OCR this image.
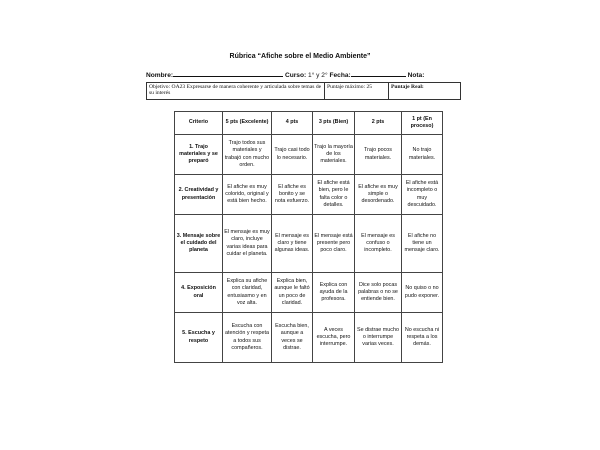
Rúbrica “Afiche sobre el Medio Ambiente”
Nombre:	Curso: 1° y 2° Fecha:	Nota:
Objetivo: OA23 Expresarse de manera coherente y articulada sobre temas de su interés
Puntaje máximo: 25	Puntaje Real:
Criterio	5 pts (Excelente)	4 pts	3 pts (Bien)	2 pts	1 pt (En proceso)
1. Trajo materiales y se preparó	Trajo todos sus materiales y trabajó con mucho orden.	Trajo casi todo lo necesario.	Trajo la mayoría de los materiales.	Trajo pocos materiales.	No trajo materiales.
2. Creatividad y presentación	El afiche es muy colorido, original y está bien hecho.	El afiche es bonito y se nota esfuerzo.	El afiche está bien, pero le falta color o detalles.	El afiche es muy simple o desordenado.	El afiche está incompleto o muy descuidado.
3. Mensaje sobre el cuidado del planeta	El mensaje es muy claro, incluye varias ideas para cuidar el planeta.	El mensaje es claro y tiene algunas ideas.	El mensaje está presente pero poco claro.	El mensaje es confuso o incompleto.	El afiche no tiene un mensaje claro.
4. Exposición oral	Explica su afiche con claridad, entusiasmo y en voz alta.	Explica bien, aunque le faltó un poco de claridad.	Explica con ayuda de la profesora.	Dice solo pocas palabras o no se entiende bien.	No quiso o no pudo exponer.
5. Escucha y respeto	Escucha con atención y respeta a todos sus compañeros.	Escucha bien, aunque a veces se distrae.	A veces escucha, pero interrumpe.	Se distrae mucho o interrumpe varias veces.	No escucha ni respeta a los demás.
